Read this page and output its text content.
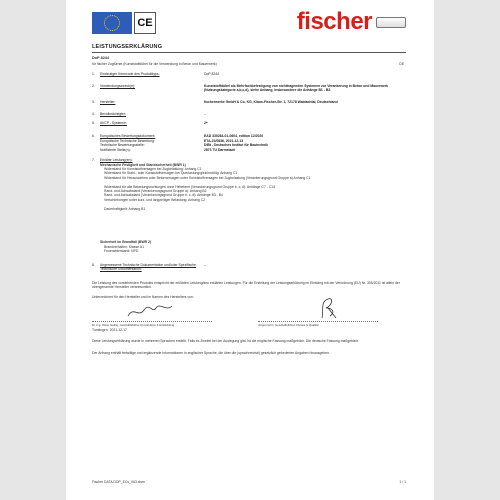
CE	fischer
LEISTUNGSERKLÄRUNG
DoP 8244
für fischer Zugfürnet (Kunststoffdübel für die Verwendung in Beton und Mauerwerk)	DE
1. Eindeutiger Kenncode des Produkttyps:	DoP 8244
2. Verwendungszweck(e):	Kunststoffdübel als Mehrfachbefestigung von nichttragenden Systemen zur Verankerung in Beton und Mauerwerk (Nutzungskategorie a,b,c,d), siehe Anhang, insbesondere die Anhänge B1 - B3.
3. Hersteller:	fischerwerke GmbH & Co. KG, Klaus-Fischer-Str. 1, 72178 Waldachtal, Deutschland
4. Bevollmächtigter:	--
5. AVCP - System/e:	2+
6. Europäisches Bewertungsdokument:	EAD 330284-01-0604, edition 12/2020
Europäische Technische Bewertung:	ETA-21/0836, 2021-12-13
Technische Bewertungsstelle:	DIBt - Deutsches Institut für Bautechnik
Notifizierte Stelle(n):	2873 TU Darmstadt
7. Erklärte Leistung(en):
Mechanische Festigkeit und Standsicherheit (BWR 1)
Widerstand für Kunststoffversagen bei Zugbelastung: Anhang C1
Widerstand für Stahl-, oder Kunststoffversagen bei Querlastung/gleichmäßig: Anhang C1
Widerstand für Herausziehen oder Betonversagen unter Kunststoffversagen bei Zugbelastung (Verankerungsgrund Gruppe a) Anhang C1
Widerstand für alle Belastungsrichtungen ohne Hebelarm (Verankerungsgrund Gruppe b, c, d): Anhänge C7 - C13
Rand- und Achsabstand (Verankerungsgrund Gruppe a): Anhang B2
Rand- und Achsabstand (Verankerungsgrund Gruppe b, c, d): Anhänge B3 - B4
Verschiebungen unter kurz- und langzeitiger Belastung: Anhang C2
Dauerhaftigkeit: Anhang B1
Sicherheit im Brandfall (BWR 2)
Brandverhalten: Klasse A1
Feuerwiderstand: NPD
8. Angemessene Technische Dokumentation und/oder Spezifische Technische Dokumentation:
--
Die Leistung des vorstehenden Produkts entspricht der erklärten Leistung/den erklärten Leistungen. Für die Erstellung der Leistungserklärung im Einklang mit der Verordnung (EU) Nr. 305/2011 ist allein der obengenannte Hersteller verantwortlich.
Unterzeichnet für den Hersteller und im Namen des Herstellers von:
Dr.-Ing. Oliver Geibig, Geschäftsführer Konstruktion & Entwicklung	Jürgen Grün, Geschäftsführer Chemie & Qualität
Tumlingen, 2021-12-17
Diese Leistungserklärung wurde in mehreren Sprachen erstellt. Falls es Zweifel bei der Auslegung gibt, ist die englische Fassung maßgeblich. Die deutsche Fassung maßgeblich.
Der Anhang enthält freiwillige und ergänzende Informationen in englischer Sprache, die über die (sprachneutral) gesetzlich geforderten Angaben hinausgehen.
Fischer DATA DOP_ECs_V63.xlsm	1 / 1
